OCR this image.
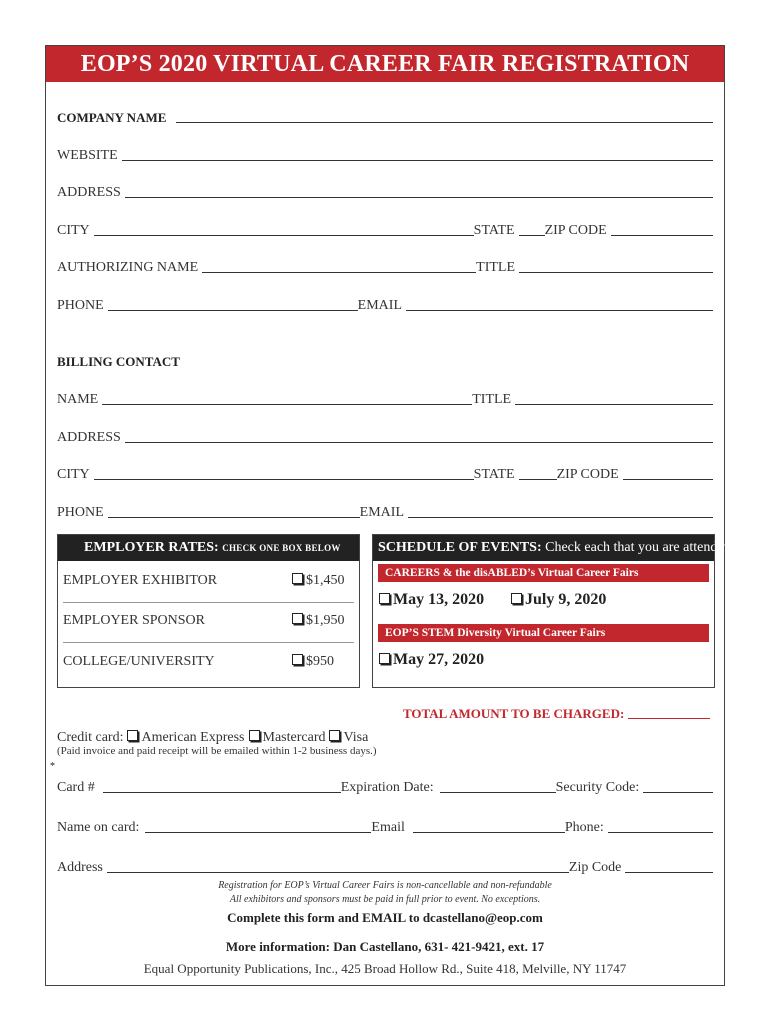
EOP’S 2020 VIRTUAL CAREER FAIR REGISTRATION
COMPANY NAME
WEBSITE
ADDRESS
CITY	STATE ZIP CODE
AUTHORIZING NAME	TITLE
PHONE	EMAIL
BILLING CONTACT
NAME	TITLE
ADDRESS
CITY	STATE	ZIP CODE
PHONE	EMAIL
EMPLOYER RATES: CHECK ONE BOX BELOW
EMPLOYER EXHIBITOR	$1,450
EMPLOYER SPONSOR	$1,950
COLLEGE/UNIVERSITY	$950
SCHEDULE OF EVENTS: Check each that you are attending
CAREERS & the disABLED’s Virtual Career Fairs
May 13, 2020	July 9, 2020
EOP’S STEM Diversity Virtual Career Fairs
May 27, 2020
TOTAL AMOUNT TO BE CHARGED:
Credit card:	American Express	Mastercard	Visa
(Paid invoice and paid receipt will be emailed within 1-2 business days.)
*
Card #	Expiration Date:	Security Code:
Name on card:	Email	Phone:
Address	Zip Code
Registration for EOP’s Virtual Career Fairs is non-cancellable and non-refundable
All exhibitors and sponsors must be paid in full prior to event. No exceptions.
Complete this form and EMAIL to dcastellano@eop.com
More information: Dan Castellano, 631- 421-9421, ext. 17
Equal Opportunity Publications, Inc., 425 Broad Hollow Rd., Suite 418, Melville, NY 11747
